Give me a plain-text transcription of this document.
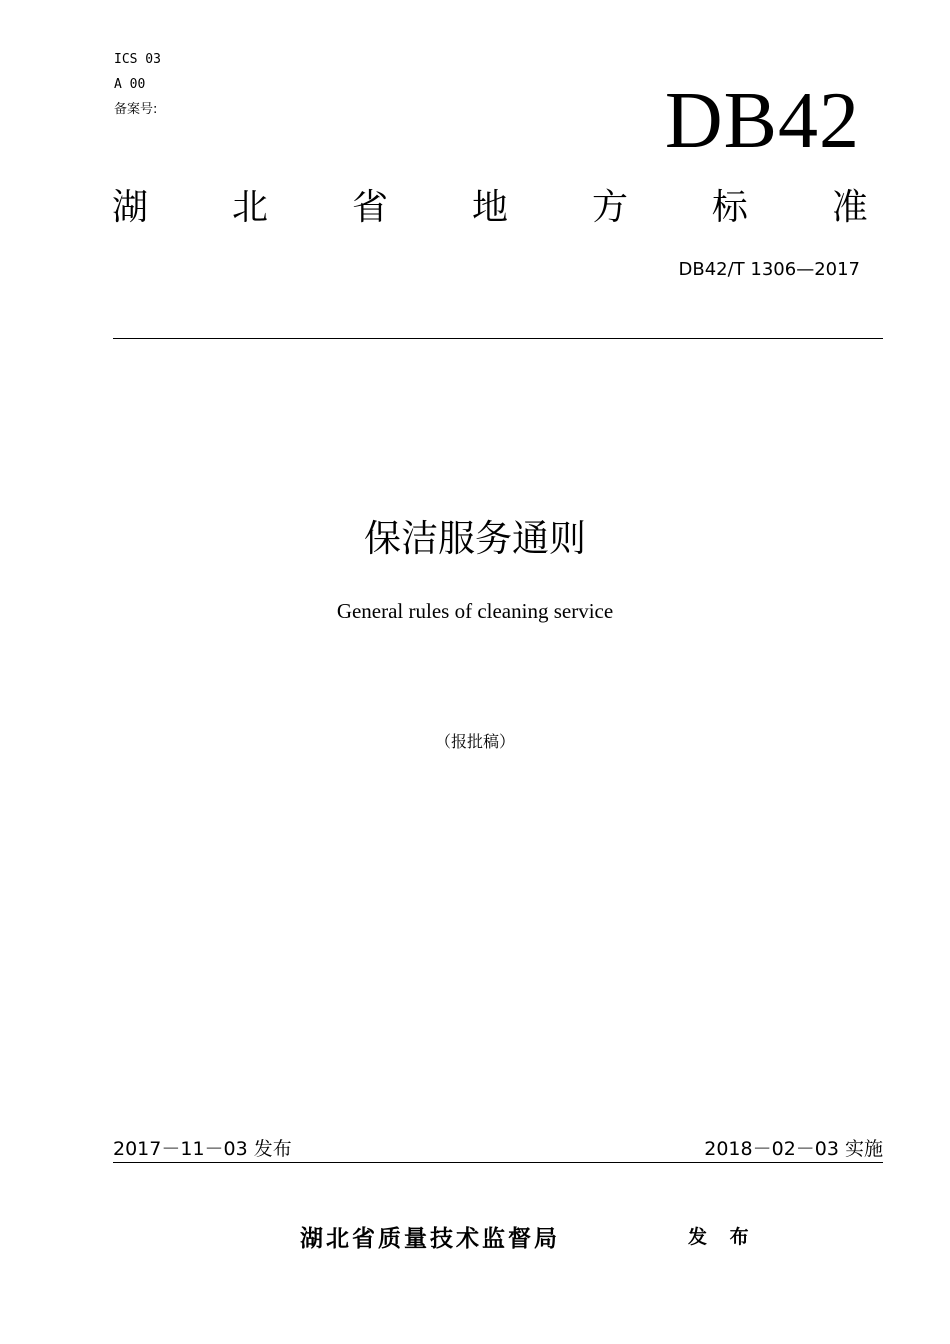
ICS 03
A 00
备案号:	DB42
湖 北 省 地 方 标 准
DB42/T 1306—2017
保洁服务通则
General rules of cleaning service
（报批稿）
2017－11－03 发布	2018－02－03 实施
湖北省质量技术监督局	发 布
